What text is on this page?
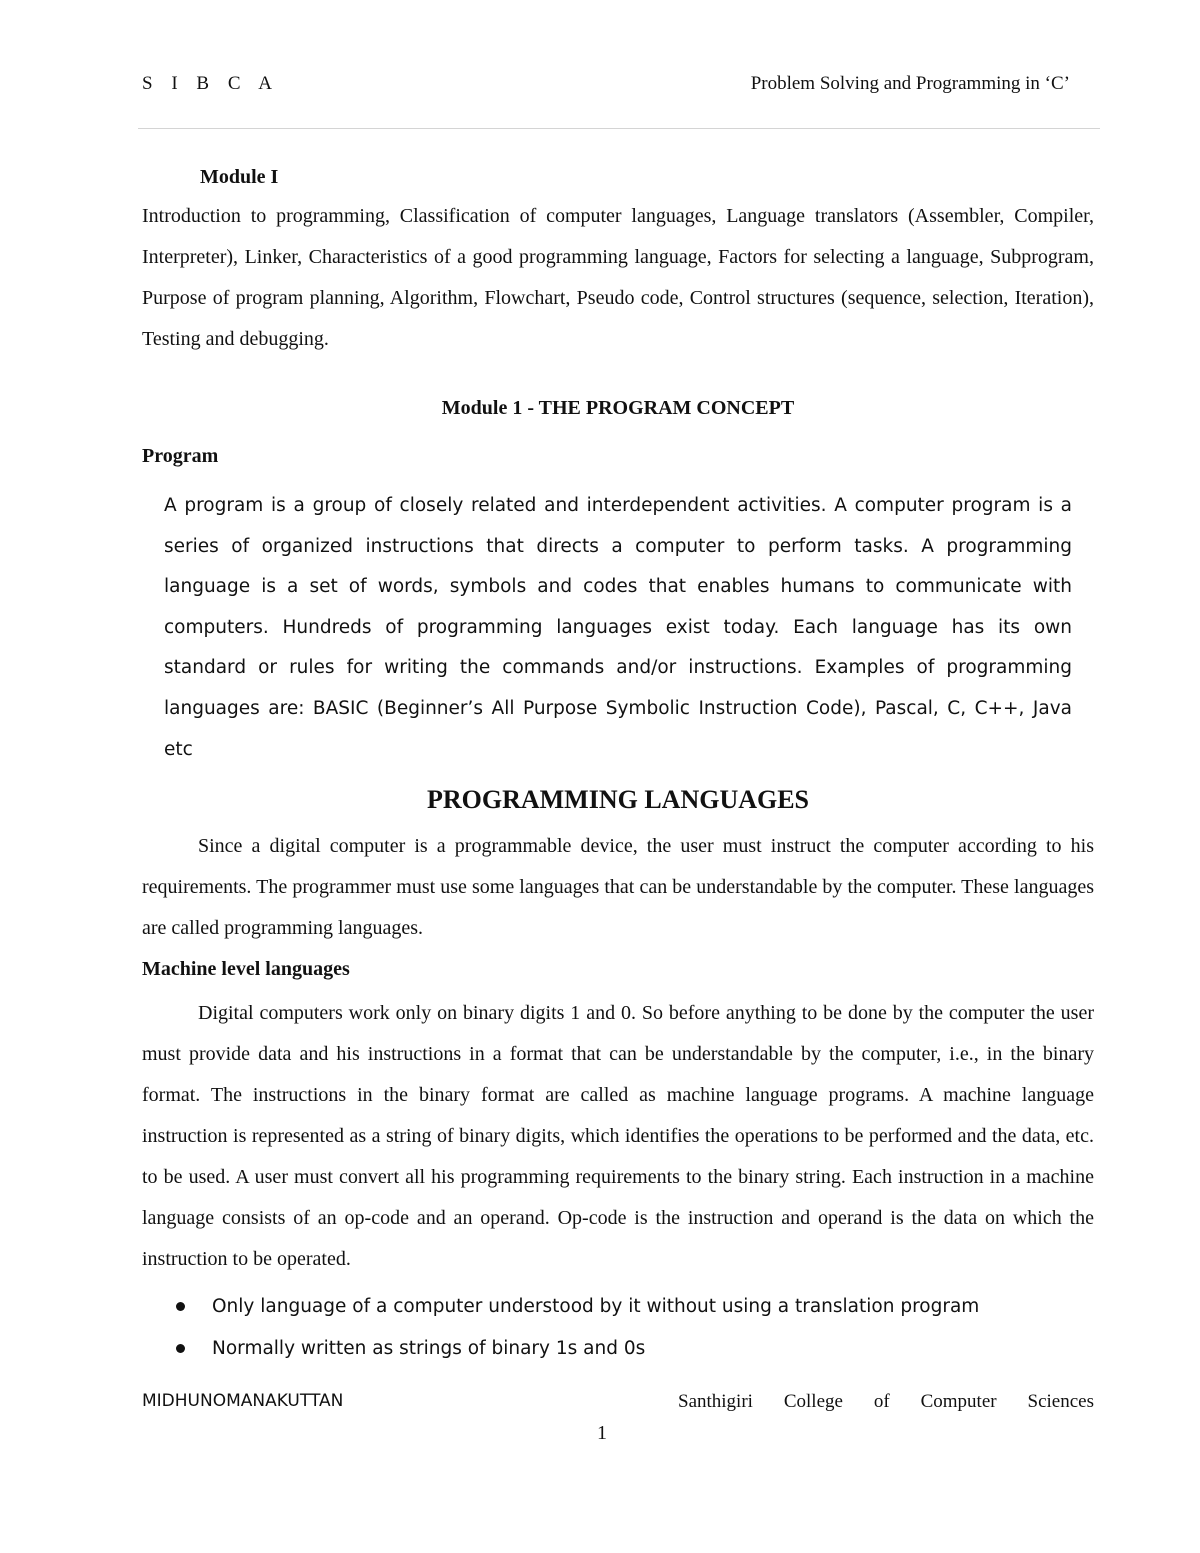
S I B C A	Problem Solving and Programming in ‘C’

Module I

Introduction to programming, Classification of computer languages, Language translators (Assembler, Compiler, Interpreter), Linker, Characteristics of a good programming language, Factors for selecting a language, Subprogram, Purpose of program planning, Algorithm, Flowchart, Pseudo code, Control structures (sequence, selection, Iteration), Testing and debugging.

Module 1 - THE PROGRAM CONCEPT

Program

A program is a group of closely related and interdependent activities. A computer program is a series of organized instructions that directs a computer to perform tasks. A programming language is a set of words, symbols and codes that enables humans to communicate with computers. Hundreds of programming languages exist today. Each language has its own standard or rules for writing the commands and/or instructions. Examples of programming languages are: BASIC (Beginner’s All Purpose Symbolic Instruction Code), Pascal, C, C++, Java etc

PROGRAMMING LANGUAGES

Since a digital computer is a programmable device, the user must instruct the computer according to his requirements. The programmer must use some languages that can be understandable by the computer. These languages are called programming languages.

Machine level languages

Digital computers work only on binary digits 1 and 0. So before anything to be done by the computer the user must provide data and his instructions in a format that can be understandable by the computer, i.e., in the binary format. The instructions in the binary format are called as machine language programs. A machine language instruction is represented as a string of binary digits, which identifies the operations to be performed and the data, etc. to be used. A user must convert all his programming requirements to the binary string. Each instruction in a machine language consists of an op-code and an operand. Op-code is the instruction and operand is the data on which the instruction to be operated.

Only language of a computer understood by it without using a translation program
Normally written as strings of binary 1s and 0s
MIDHUNOMANAKUTTAN	Santhigiri College of Computer Sciences
1
